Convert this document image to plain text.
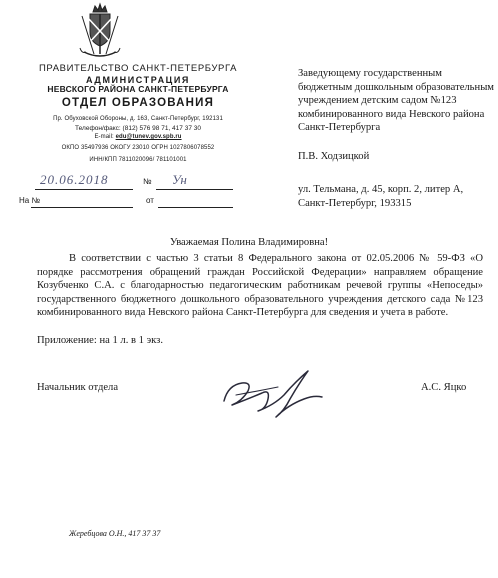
ПРАВИТЕЛЬСТВО САНКТ-ПЕТЕРБУРГА
АДМИНИСТРАЦИЯ
НЕВСКОГО РАЙОНА САНКТ-ПЕТЕРБУРГА
ОТДЕЛ ОБРАЗОВАНИЯ
Пр. Обуховской Обороны, д. 163, Санкт-Петербург, 192131
Телефон/факс: (812) 576 98 71, 417 37 30
E-mail: edu@tunev.gov.spb.ru
ОКПО 35497936 ОКОГУ 23010 ОГРН 1027806078552
ИНН/КПП 7811020096/ 781101001
20.06.2018	№ Ун
На №	от
Заведующему государственным бюджетным дошкольным образовательным учреждением детским садом №123 комбинированного вида Невского района Санкт-Петербурга
П.В. Ходзицкой
ул. Тельмана, д. 45, корп. 2, литер А,
Санкт-Петербург, 193315
Уважаемая Полина Владимировна!

В соответствии с частью 3 статьи 8 Федерального закона от 02.05.2006 № 59-ФЗ «О порядке рассмотрения обращений граждан Российской Федерации» направляем обращение Козубченко С.А. с благодарностью педагогическим работникам речевой группы «Непоседы» государственного бюджетного дошкольного образовательного учреждения детского сада №123 комбинированного вида Невского района Санкт-Петербурга для сведения и учета в работе.

Приложение: на 1 л. в 1 экз.
Начальник отдела	А.С. Яцко
Жеребцова О.Н., 417 37 37
